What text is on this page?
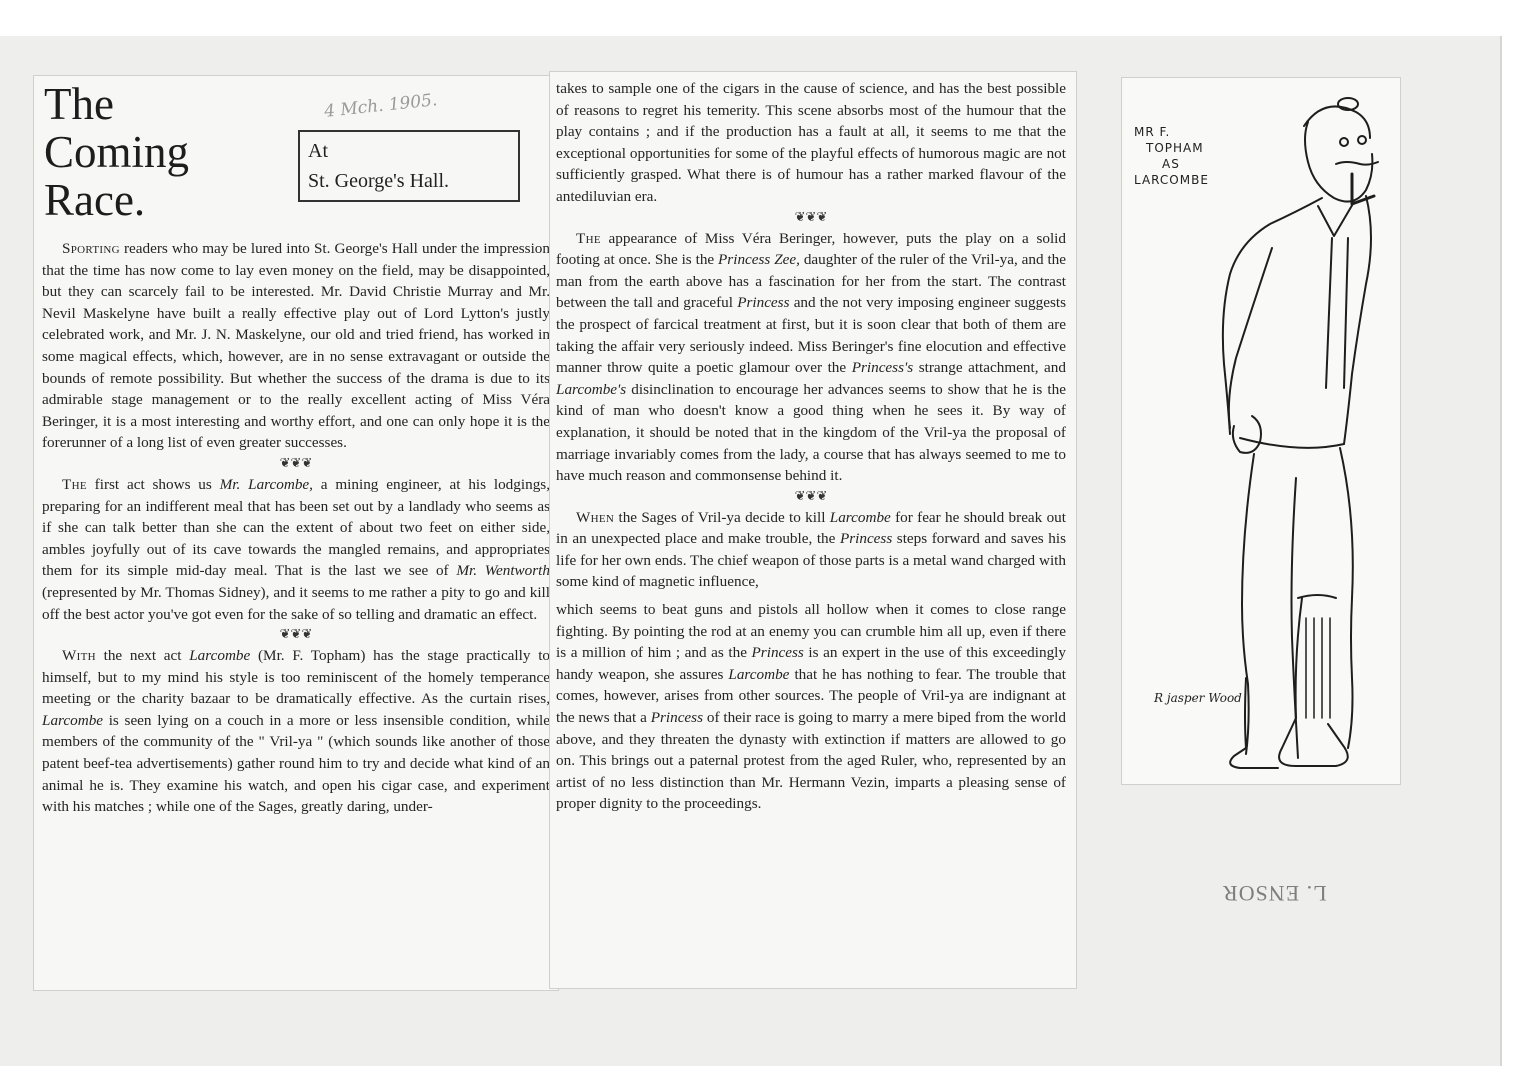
The

Coming

Race.

4 Mch. 1905.
At
St. George's Hall.

Sporting readers who may be lured into St. George's Hall under the impression that the time has now come to lay even money on the field, may be disappointed, but they can scarcely fail to be interested. Mr. David Christie Murray and Mr. Nevil Maskelyne have built a really effective play out of Lord Lytton's justly celebrated work, and Mr. J. N. Maskelyne, our old and tried friend, has worked in some magical effects, which, however, are in no sense extravagant or outside the bounds of remote possibility. But whether the success of the drama is due to its admirable stage management or to the really excellent acting of Miss Véra Beringer, it is a most interesting and worthy effort, and one can only hope it is the forerunner of a long list of even greater successes.

❦❦❦

The first act shows us Mr. Larcombe, a mining engineer, at his lodgings, preparing for an indifferent meal that has been set out by a landlady who seems as if she can talk better than she can the extent of about two feet on either side, ambles joyfully out of its cave towards the mangled remains, and appropriates them for its simple mid-day meal. That is the last we see of Mr. Wentworth (represented by Mr. Thomas Sidney), and it seems to me rather a pity to go and kill off the best actor you've got even for the sake of so telling and dramatic an effect.

❦❦❦

With the next act Larcombe (Mr. F. Topham) has the stage practically to himself, but to my mind his style is too reminiscent of the homely temperance meeting or the charity bazaar to be dramatically effective. As the curtain rises, Larcombe is seen lying on a couch in a more or less insensible condition, while members of the community of the " Vril-ya " (which sounds like another of those patent beef-tea advertisements) gather round him to try and decide what kind of an animal he is. They examine his watch, and open his cigar case, and experiment with his matches ; while one of the Sages, greatly daring, under-

takes to sample one of the cigars in the cause of science, and has the best possible of reasons to regret his temerity. This scene absorbs most of the humour that the play contains ; and if the production has a fault at all, it seems to me that the exceptional opportunities for some of the playful effects of humorous magic are not sufficiently grasped. What there is of humour has a rather marked flavour of the antediluvian era.

❦❦❦

The appearance of Miss Véra Beringer, however, puts the play on a solid footing at once. She is the Princess Zee, daughter of the ruler of the Vril-ya, and the man from the earth above has a fascination for her from the start. The contrast between the tall and graceful Princess and the not very imposing engineer suggests the prospect of farcical treatment at first, but it is soon clear that both of them are taking the affair very seriously indeed. Miss Beringer's fine elocution and effective manner throw quite a poetic glamour over the Princess's strange attachment, and Larcombe's disinclination to encourage her advances seems to show that he is the kind of man who doesn't know a good thing when he sees it. By way of explanation, it should be noted that in the kingdom of the Vril-ya the proposal of marriage invariably comes from the lady, a course that has always seemed to me to have much reason and commonsense behind it.

❦❦❦

When the Sages of Vril-ya decide to kill Larcombe for fear he should break out in an unexpected place and make trouble, the Princess steps forward and saves his life for her own ends. The chief weapon of those parts is a metal wand charged with some kind of magnetic influence,

which seems to beat guns and pistols all hollow when it comes to close range fighting. By pointing the rod at an enemy you can crumble him all up, even if there is a million of him ; and as the Princess is an expert in the use of this exceedingly handy weapon, she assures Larcombe that he has nothing to fear. The trouble that comes, however, arises from other sources. The people of Vril-ya are indignant at the news that a Princess of their race is going to marry a mere biped from the world above, and they threaten the dynasty with extinction if matters are allowed to go on. This brings out a paternal protest from the aged Ruler, who, represented by an artist of no less distinction than Mr. Hermann Vezin, imparts a pleasing sense of proper dignity to the proceedings.

MR F.
TOPHAM
AS
LARCOMBE
R jasper Wood
L. ENSOR
